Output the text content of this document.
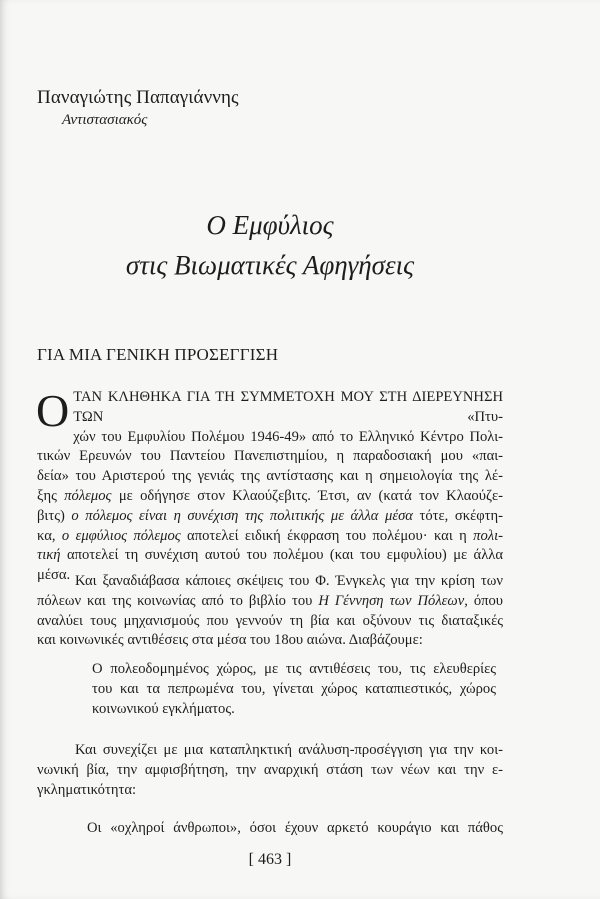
Παναγιώτης Παπαγιάννης
Αντιστασιακός
Ο Εμφύλιος
στις Βιωματικές Αφηγήσεις
ΓΙΑ ΜΙΑ ΓΕΝΙΚΗ ΠΡΟΣΕΓΓΙΣΗ
Ο ΤΑΝ ΚΛΗΘΗΚΑ ΓΙΑ ΤΗ ΣΥΜΜΕΤΟΧΗ ΜΟΥ ΣΤΗ ΔΙΕΡΕΥΝΗΣΗ ΤΩΝ «Πτυ-
χών του Εμφυλίου Πολέμου 1946-49» από το Ελληνικό Κέντρο Πολι-
τικών Ερευνών του Παντείου Πανεπιστημίου, η παραδοσιακή μου «παι-
δεία» του Αριστερού της γενιάς της αντίστασης και η σημειολογία της λέ-
ξης πόλεμος με οδήγησε στον Κλαούζεβιτς. Έτσι, αν (κατά τον Κλαούζε-
βιτς) ο πόλεμος είναι η συνέχιση της πολιτικής με άλλα μέσα τότε, σκέφτη-
κα, ο εμφύλιος πόλεμος αποτελεί ειδική έκφραση του πολέμου· και η πολι-
τική αποτελεί τη συνέχιση αυτού του πολέμου (και του εμφυλίου) με άλλα
μέσα. Και ξαναδιάβασα κάποιες σκέψεις του Φ. Ένγκελς για την κρίση των
πόλεων και της κοινωνίας από το βιβλίο του Η Γέννηση των Πόλεων, όπου
αναλύει τους μηχανισμούς που γεννούν τη βία και οξύνουν τις διαταξικές
και κοινωνικές αντιθέσεις στα μέσα του 18ου αιώνα. Διαβάζουμε:
Ο πολεοδομημένος χώρος, με τις αντιθέσεις του, τις ελευθερίες
του και τα πεπρωμένα του, γίνεται χώρος καταπιεστικός, χώρος
κοινωνικού εγκλήματος.
Και συνεχίζει με μια καταπληκτική ανάλυση-προσέγγιση για την κοι-
νωνική βία, την αμφισβήτηση, την αναρχική στάση των νέων και την ε-
γκληματικότητα:
Οι «οχληροί άνθρωποι», όσοι έχουν αρκετό κουράγιο και πάθος
[ 463 ]
